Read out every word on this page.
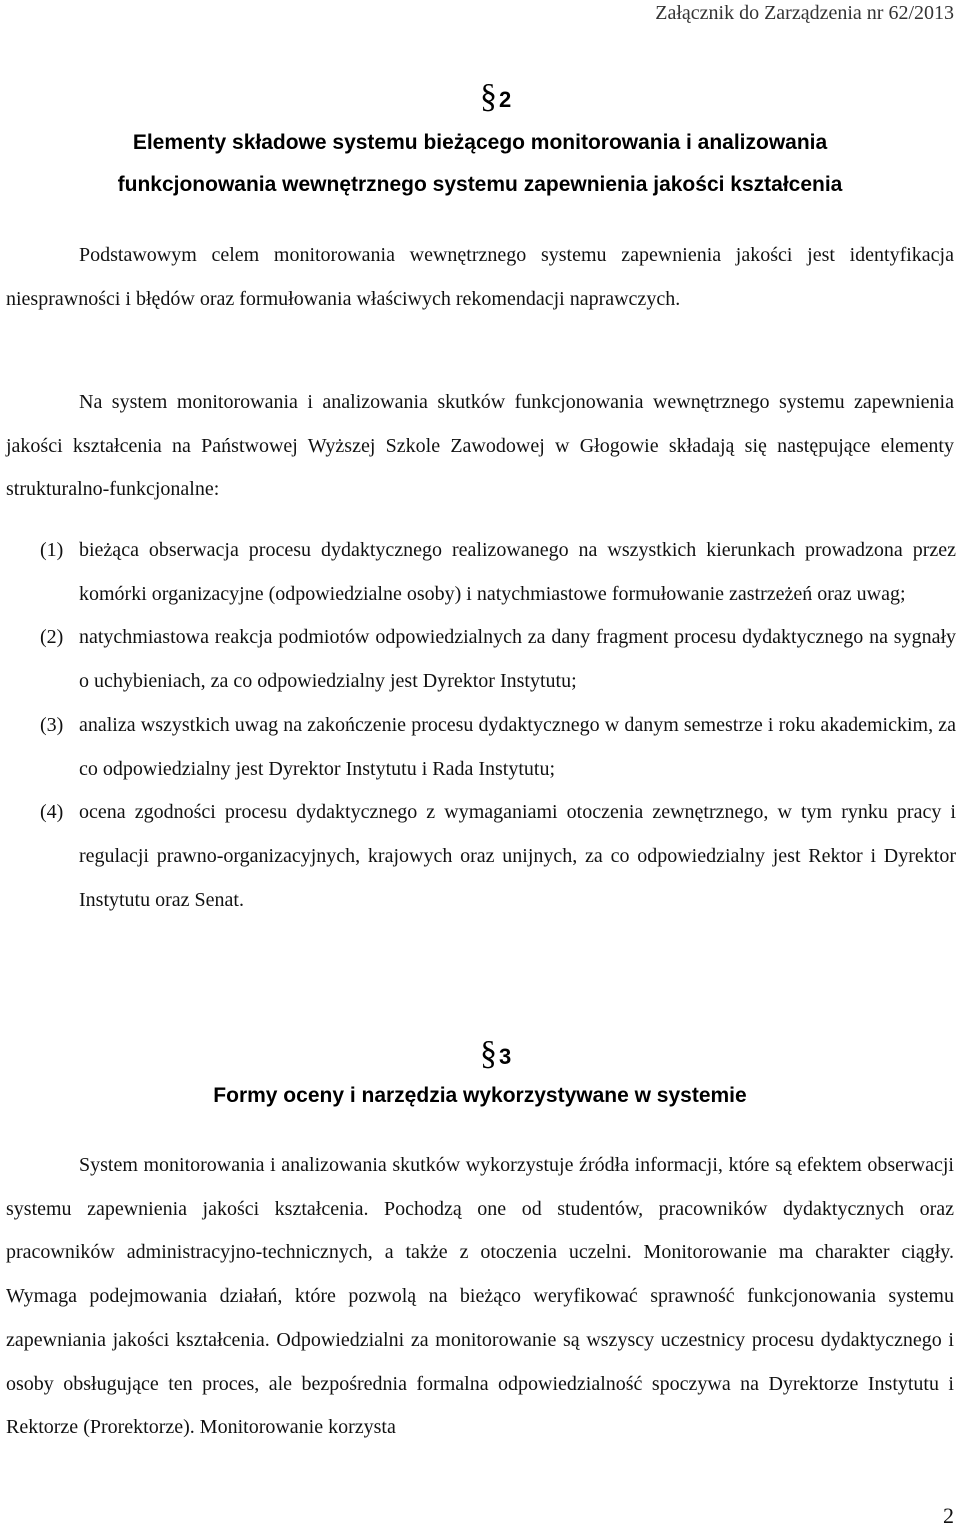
Załącznik do Zarządzenia nr 62/2013
§2
Elementy składowe systemu bieżącego monitorowania i analizowania
funkcjonowania wewnętrznego systemu zapewnienia jakości kształcenia
Podstawowym celem monitorowania wewnętrznego systemu zapewnienia jakości jest identyfikacja niesprawności i błędów oraz formułowania właściwych rekomendacji naprawczych.
Na system monitorowania i analizowania skutków funkcjonowania wewnętrznego systemu zapewnienia jakości kształcenia na Państwowej Wyższej Szkole Zawodowej w Głogowie składają się następujące elementy strukturalno-funkcjonalne:
(1) bieżąca obserwacja procesu dydaktycznego realizowanego na wszystkich kierunkach prowadzona przez komórki organizacyjne (odpowiedzialne osoby) i natychmiastowe formułowanie zastrzeżeń oraz uwag;
(2) natychmiastowa reakcja podmiotów odpowiedzialnych za dany fragment procesu dydaktycznego na sygnały o uchybieniach, za co odpowiedzialny jest Dyrektor Instytutu;
(3) analiza wszystkich uwag na zakończenie procesu dydaktycznego w danym semestrze i roku akademickim, za co odpowiedzialny jest Dyrektor Instytutu i Rada Instytutu;
(4) ocena zgodności procesu dydaktycznego z wymaganiami otoczenia zewnętrznego, w tym rynku pracy i regulacji prawno-organizacyjnych, krajowych oraz unijnych, za co odpowiedzialny jest Rektor i Dyrektor Instytutu oraz Senat.
§3
Formy oceny i narzędzia wykorzystywane w systemie
System monitorowania i analizowania skutków wykorzystuje źródła informacji, które są efektem obserwacji systemu zapewnienia jakości kształcenia. Pochodzą one od studentów, pracowników dydaktycznych oraz pracowników administracyjno-technicznych, a także z otoczenia uczelni. Monitorowanie ma charakter ciągły. Wymaga podejmowania działań, które pozwolą na bieżąco weryfikować sprawność funkcjonowania systemu zapewniania jakości kształcenia. Odpowiedzialni za monitorowanie są wszyscy uczestnicy procesu dydaktycznego i osoby obsługujące ten proces, ale bezpośrednia formalna odpowiedzialność spoczywa na Dyrektorze Instytutu i Rektorze (Prorektorze). Monitorowanie korzysta
2
